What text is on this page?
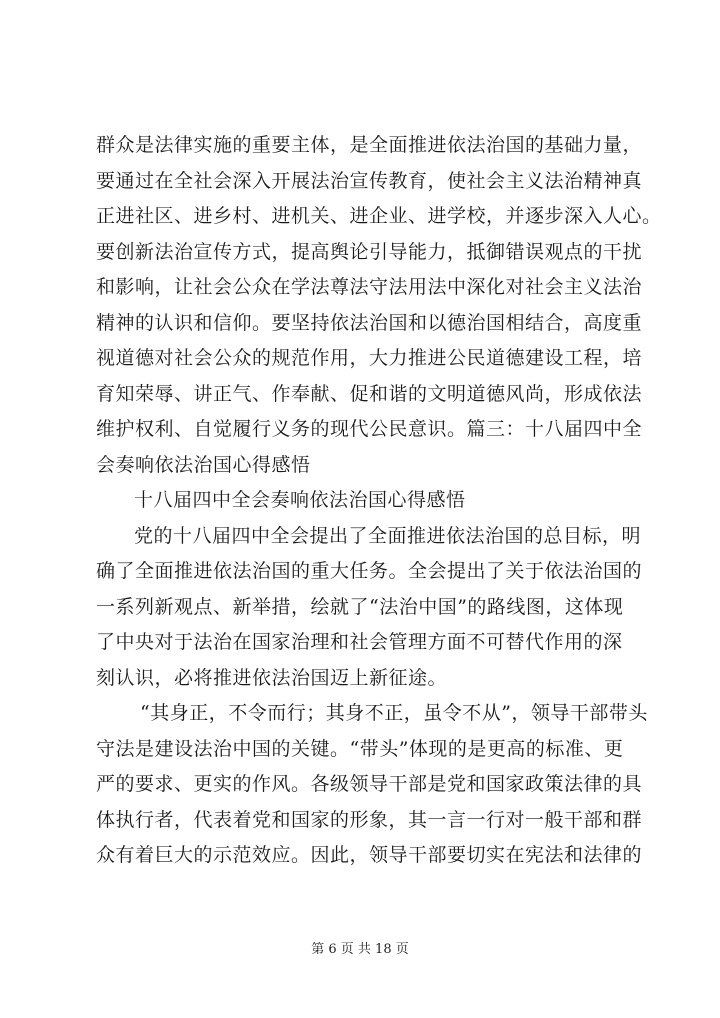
群众是法律实施的重要主体，是全面推进依法治国的基础力量，
要通过在全社会深入开展法治宣传教育，使社会主义法治精神真
正进社区、进乡村、进机关、进企业、进学校，并逐步深入人心。
要创新法治宣传方式，提高舆论引导能力，抵御错误观点的干扰
和影响，让社会公众在学法尊法守法用法中深化对社会主义法治
精神的认识和信仰。要坚持依法治国和以德治国相结合，高度重
视道德对社会公众的规范作用，大力推进公民道德建设工程，培
育知荣辱、讲正气、作奉献、促和谐的文明道德风尚，形成依法
维护权利、自觉履行义务的现代公民意识。篇三：十八届四中全
会奏响依法治国心得感悟
十八届四中全会奏响依法治国心得感悟
党的十八届四中全会提出了全面推进依法治国的总目标，明
确了全面推进依法治国的重大任务。全会提出了关于依法治国的
一系列新观点、新举措，绘就了“法治中国”的路线图，这体现
了中央对于法治在国家治理和社会管理方面不可替代作用的深
刻认识，必将推进依法治国迈上新征途。
“其身正，不令而行；其身不正，虽令不从”，领导干部带头
守法是建设法治中国的关键。“带头”体现的是更高的标准、更
严的要求、更实的作风。各级领导干部是党和国家政策法律的具
体执行者，代表着党和国家的形象，其一言一行对一般干部和群
众有着巨大的示范效应。因此，领导干部要切实在宪法和法律的
第 6 页 共 18 页
